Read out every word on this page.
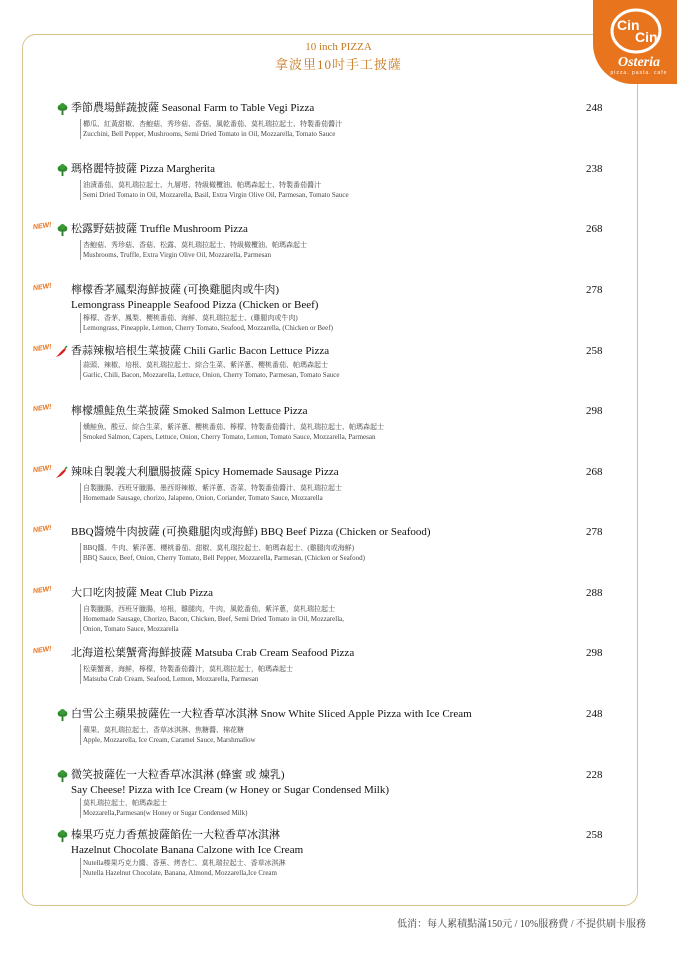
Cin
Cin
Osteria
pizza. pasta. cafe
10 inch PIZZA
拿波里10吋手工披薩
季節農場鮮蔬披薩 Seasonal Farm to Table Vegi Pizza	248
櫛瓜、紅黃甜椒、杏鮑菇、秀珍菇、香菇、風乾番茄、莫札瑞拉起士、特製番茄醬汁
Zucchini, Bell Pepper, Mushrooms, Semi Dried Tomato in Oil, Mozzarella, Tomato Sauce
瑪格麗特披薩 Pizza Margherita	238
油漬番茄、莫札瑞拉起士、九層塔、特級橄欖油、帕瑪森起士、特製番茄醬汁
Semi Dried Tomato in Oil, Mozzarella, Basil, Extra Virgin Olive Oil, Parmesan, Tomato Sauce
NEW! 松露野菇披薩 Truffle Mushroom Pizza	268
杏鮑菇、秀珍菇、香菇、松露、莫札瑞拉起士、特級橄欖油、帕瑪森起士
Mushrooms, Truffle, Extra Virgin Olive Oil, Mozzarella, Parmesan
NEW! 檸檬香茅鳳梨海鮮披薩 (可換雞腿肉或牛肉)
Lemongrass Pineapple Seafood Pizza (Chicken or Beef)
278
檸檬、香茅、鳳梨、櫻桃番茄、海鮮、莫札瑞拉起士、(雞腿肉或牛肉)
Lemongrass, Pineapple, Lemon, Cherry Tomato, Seafood, Mozzarella, (Chicken or Beef)
NEW! 香蒜辣椒培根生菜披薩 Chili Garlic Bacon Lettuce Pizza	258
蒜頭、辣椒、培根、莫札瑞拉起士、綜合生菜、紫洋蔥、櫻桃番茄、帕瑪森起士
Garlic, Chili, Bacon, Mozzarella, Lettuce, Onion, Cherry Tomato, Parmesan, Tomato Sauce
NEW! 檸檬燻鮭魚生菜披薩 Smoked Salmon Lettuce Pizza	298
燻鮭魚、酸豆、綜合生菜、紫洋蔥、櫻桃番茄、檸檬、特製番茄醬汁、莫札瑞拉起士、帕瑪森起士
Smoked Salmon, Capers, Lettuce, Onion, Cherry Tomato, Lemon, Tomato Sauce, Mozzarella, Parmesan
NEW! 辣味自製義大利臘腸披薩 Spicy Homemade Sausage Pizza	268
自製臘腸、西班牙臘腸、墨西哥辣椒、紫洋蔥、香菜、特製番茄醬汁、莫札瑞拉起士
Homemade Sausage, chorizo, Jalapeno, Onion, Coriander, Tomato Sauce, Mozzarella
NEW! BBQ醬燒牛肉披薩 (可換雞腿肉或海鮮) BBQ Beef Pizza (Chicken or Seafood)	278
BBQ醬、牛肉、紫洋蔥、櫻桃番茄、甜椒、莫札瑞拉起士、帕瑪森起士、(雞腿肉或海鮮)
BBQ Sauce, Beef, Onion, Cherry Tomato, Bell Pepper, Mozzarella, Parmesan, (Chicken or Seafood)
NEW! 大口吃肉披薩 Meat Club Pizza	288
自製臘腸，西班牙臘腸，培根，雞腿肉，牛肉，風乾番茄，紫洋蔥，莫札瑞拉起士
Homemade Sausage, Chorizo, Bacon, Chicken, Beef, Semi Dried Tomato in Oil, Mozzarella,
Onion, Tomato Sauce, Mozzarella
NEW! 北海道松葉蟹膏海鮮披薩 Matsuba Crab Cream Seafood Pizza	298
松葉蟹膏，海鮮，檸檬，特製番茄醬汁，莫札瑞拉起士，帕瑪森起士
Matsuba Crab Cream, Seafood, Lemon, Mozzarella, Parmesan
白雪公主蘋果披薩佐一大粒香草冰淇淋 Snow White Sliced Apple Pizza with Ice Cream	248
蘋果、莫札瑞拉起士、香草冰淇淋、焦糖醬、棉花糖
Apple, Mozzarella, Ice Cream, Caramel Sauce, Marshmallow
微笑披薩佐一大粒香草冰淇淋 (蜂蜜 或 煉乳)
Say Cheese! Pizza with Ice Cream (w Honey or Sugar Condensed Milk)
228
莫札瑞拉起士，帕瑪森起士
Mozzarella,Parmesan(w Honey or Sugar Condensed Milk)
榛果巧克力香蕉披薩餡佐一大粒香草冰淇淋
Hazelnut Chocolate Banana Calzone with Ice Cream
258
Nutella榛果巧克力醬、香蕉、烤杏仁、莫札瑞拉起士、香草冰淇淋
Nutella Hazelnut Chocolate, Banana, Almond, Mozzarella,Ice Cream
低消：每人累積點滿150元 / 10%服務費 / 不提供刷卡服務
